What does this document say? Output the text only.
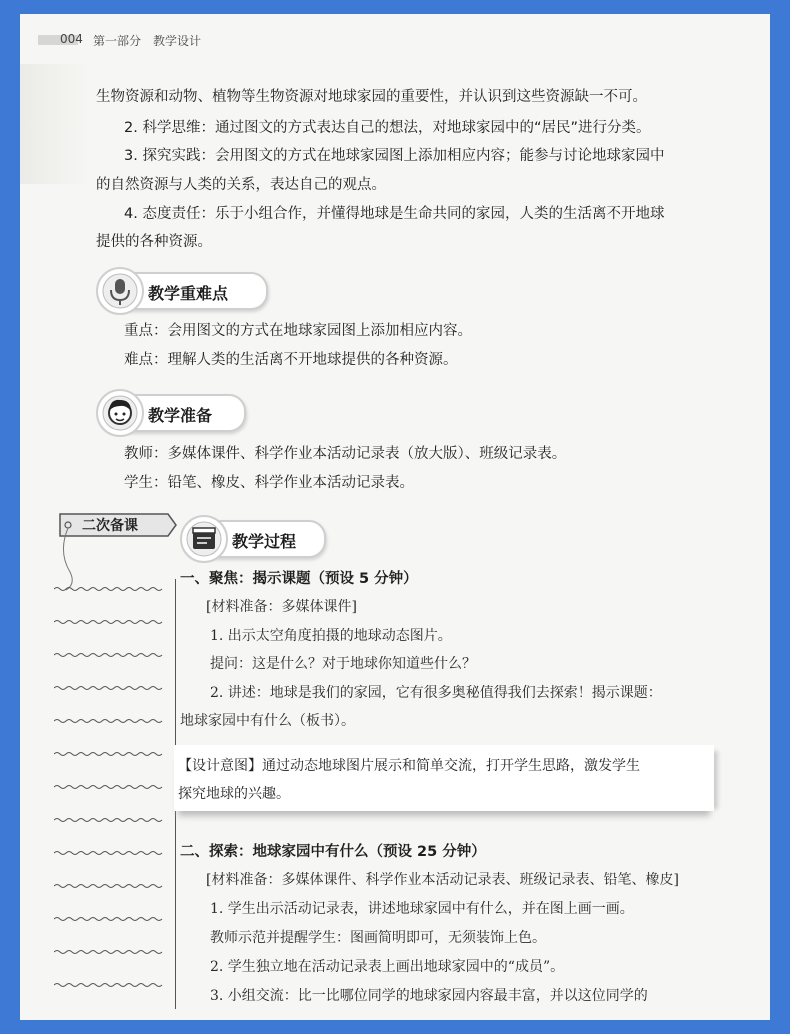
004 第一部分　教学设计
生物资源和动物、植物等生物资源对地球家园的重要性，并认识到这些资源缺一不可。
2. 科学思维：通过图文的方式表达自己的想法，对地球家园中的“居民”进行分类。
3. 探究实践：会用图文的方式在地球家园图上添加相应内容；能参与讨论地球家园中
的自然资源与人类的关系，表达自己的观点。
4. 态度责任：乐于小组合作，并懂得地球是生命共同的家园，人类的生活离不开地球
提供的各种资源。
教学重难点
重点：会用图文的方式在地球家园图上添加相应内容。
难点：理解人类的生活离不开地球提供的各种资源。
教学准备
教师：多媒体课件、科学作业本活动记录表（放大版）、班级记录表。
学生：铅笔、橡皮、科学作业本活动记录表。
二次备课
教学过程
一、聚焦：揭示课题（预设 5 分钟）
[材料准备：多媒体课件]
1. 出示太空角度拍摄的地球动态图片。
提问：这是什么？对于地球你知道些什么？
2. 讲述：地球是我们的家园，它有很多奥秘值得我们去探索！揭示课题：
地球家园中有什么（板书）。
【设计意图】通过动态地球图片展示和简单交流，打开学生思路，激发学生
探究地球的兴趣。
二、探索：地球家园中有什么（预设 25 分钟）
[材料准备：多媒体课件、科学作业本活动记录表、班级记录表、铅笔、橡皮]
1. 学生出示活动记录表，讲述地球家园中有什么，并在图上画一画。
教师示范并提醒学生：图画简明即可，无须装饰上色。
2. 学生独立地在活动记录表上画出地球家园中的“成员”。
3. 小组交流：比一比哪位同学的地球家园内容最丰富，并以这位同学的
